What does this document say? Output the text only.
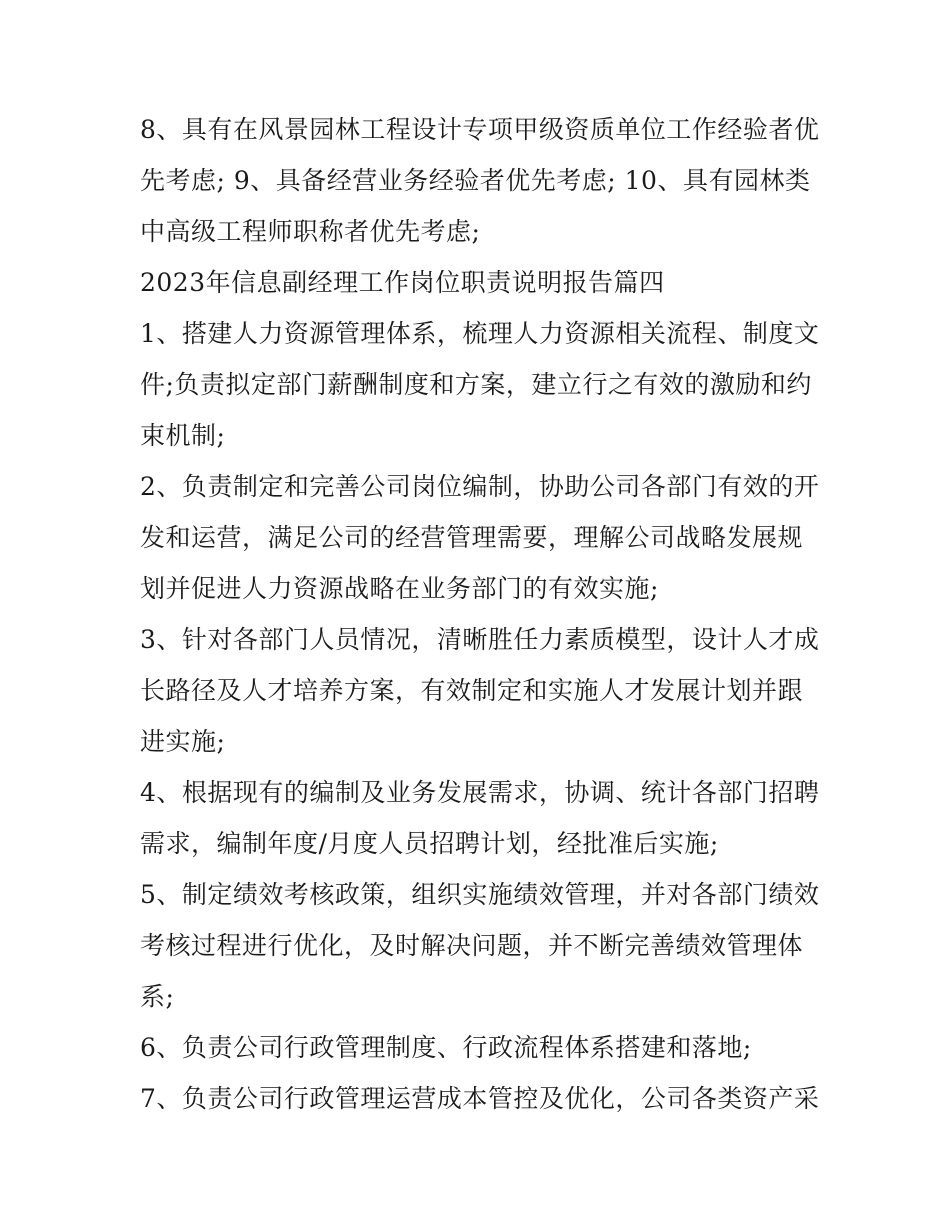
8、具有在风景园林工程设计专项甲级资质单位工作经验者优先考虑; 9、具备经营业务经验者优先考虑; 10、具有园林类中高级工程师职称者优先考虑;

2023年信息副经理工作岗位职责说明报告篇四

1、搭建人力资源管理体系，梳理人力资源相关流程、制度文件;负责拟定部门薪酬制度和方案，建立行之有效的激励和约束机制;

2、负责制定和完善公司岗位编制，协助公司各部门有效的开发和运营，满足公司的经营管理需要，理解公司战略发展规划并促进人力资源战略在业务部门的有效实施;

3、针对各部门人员情况，清晰胜任力素质模型，设计人才成长路径及人才培养方案，有效制定和实施人才发展计划并跟进实施;

4、根据现有的编制及业务发展需求，协调、统计各部门招聘需求，编制年度/月度人员招聘计划，经批准后实施;

5、制定绩效考核政策，组织实施绩效管理，并对各部门绩效考核过程进行优化，及时解决问题，并不断完善绩效管理体系;

6、负责公司行政管理制度、行政流程体系搭建和落地;

7、负责公司行政管理运营成本管控及优化，公司各类资产采
